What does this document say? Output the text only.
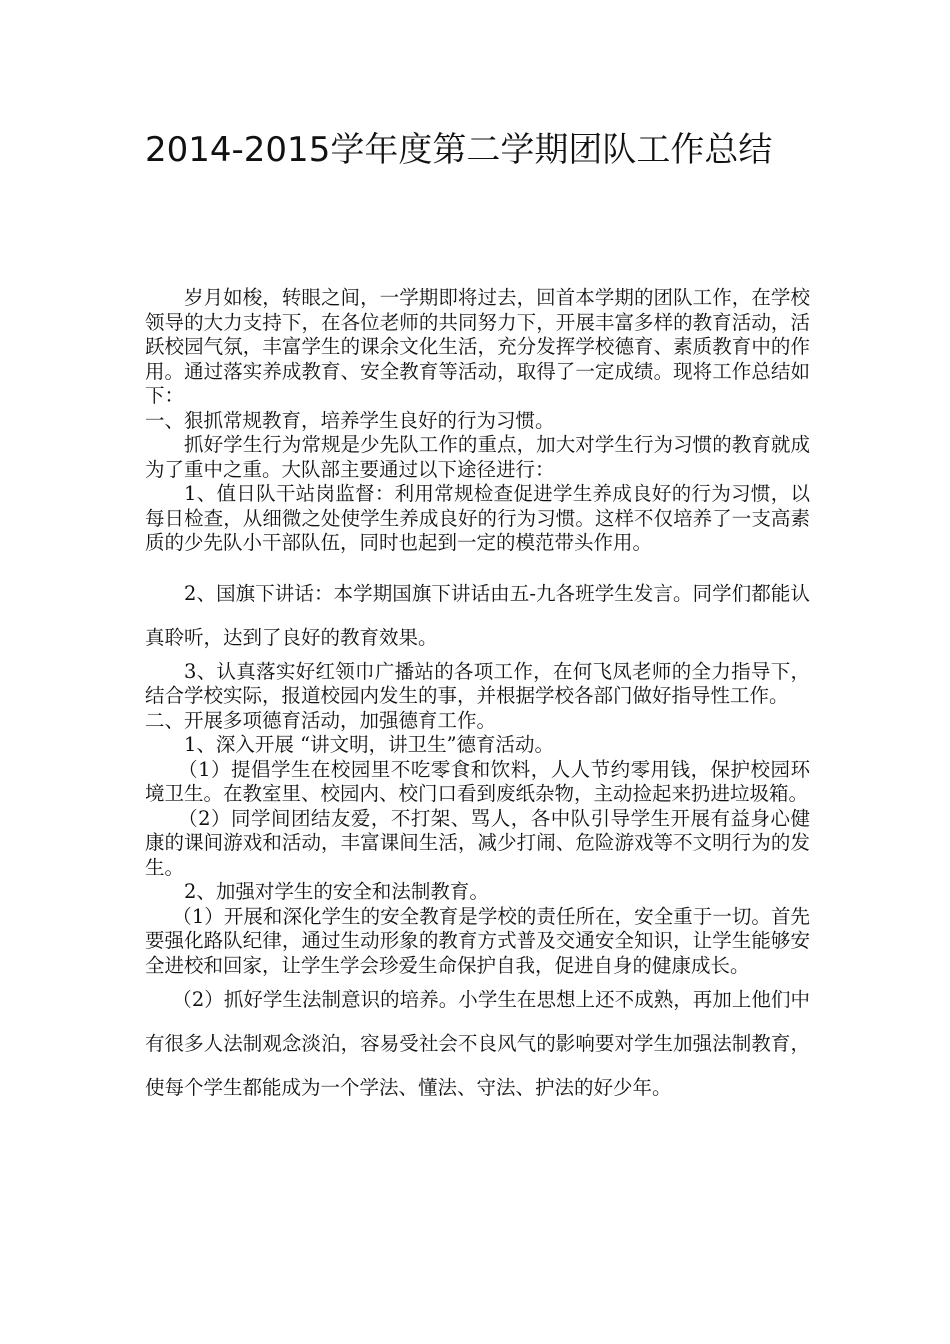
2014-2015学年度第二学期团队工作总结

岁月如梭，转眼之间，一学期即将过去，回首本学期的团队工作，在学校领导的大力支持下，在各位老师的共同努力下，开展丰富多样的教育活动，活跃校园气氛，丰富学生的课余文化生活，充分发挥学校德育、素质教育中的作用。通过落实养成教育、安全教育等活动，取得了一定成绩。现将工作总结如下：

一、狠抓常规教育，培养学生良好的行为习惯。

抓好学生行为常规是少先队工作的重点，加大对学生行为习惯的教育就成为了重中之重。大队部主要通过以下途径进行：

1、值日队干站岗监督：利用常规检查促进学生养成良好的行为习惯，以每日检查，从细微之处使学生养成良好的行为习惯。这样不仅培养了一支高素质的少先队小干部队伍，同时也起到一定的模范带头作用。

2、国旗下讲话：本学期国旗下讲话由五-九各班学生发言。同学们都能认真聆听，达到了良好的教育效果。

3、认真落实好红领巾广播站的各项工作，在何飞凤老师的全力指导下，结合学校实际，报道校园内发生的事，并根据学校各部门做好指导性工作。

二、开展多项德育活动，加强德育工作。

1、深入开展 “讲文明，讲卫生”德育活动。

（1）提倡学生在校园里不吃零食和饮料，人人节约零用钱，保护校园环境卫生。在教室里、校园内、校门口看到废纸杂物，主动捡起来扔进垃圾箱。

（2）同学间团结友爱，不打架、骂人，各中队引导学生开展有益身心健康的课间游戏和活动，丰富课间生活，减少打闹、危险游戏等不文明行为的发生。

2、加强对学生的安全和法制教育。

（1）开展和深化学生的安全教育是学校的责任所在，安全重于一切。首先要强化路队纪律，通过生动形象的教育方式普及交通安全知识，让学生能够安全进校和回家，让学生学会珍爱生命保护自我，促进自身的健康成长。

（2）抓好学生法制意识的培养。小学生在思想上还不成熟，再加上他们中有很多人法制观念淡泊，容易受社会不良风气的影响要对学生加强法制教育，使每个学生都能成为一个学法、懂法、守法、护法的好少年。
